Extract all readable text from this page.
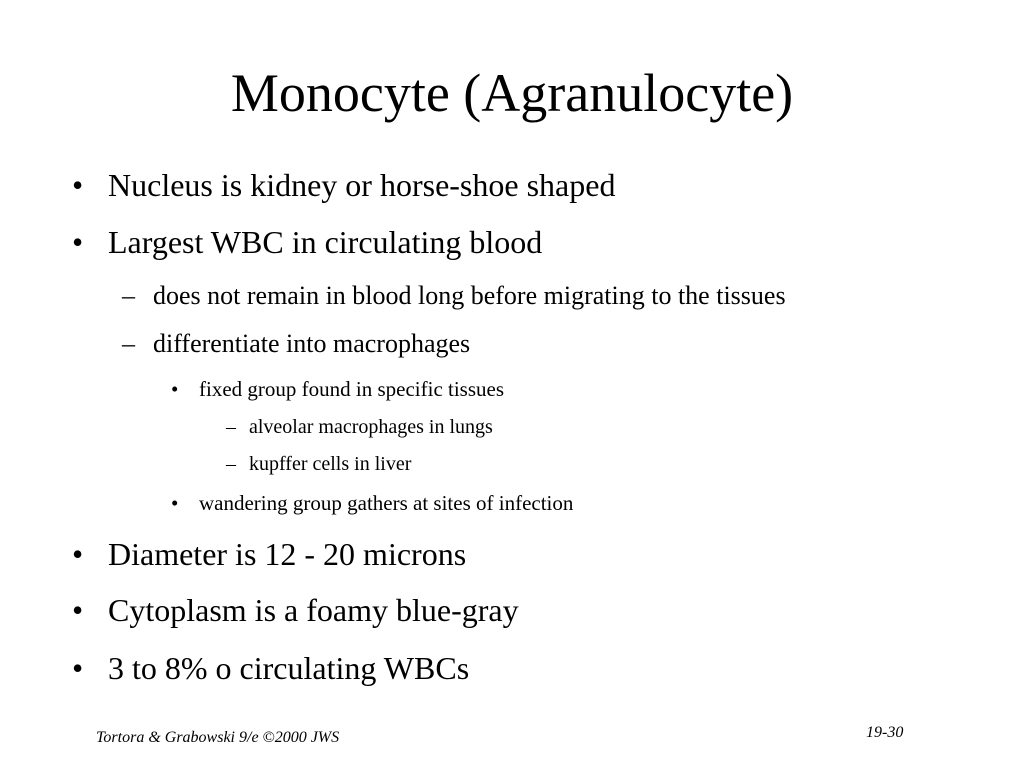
Monocyte (Agranulocyte)
• Nucleus is kidney or horse-shoe shaped
• Largest WBC in circulating blood
– does not remain in blood long before migrating to the tissues
– differentiate into macrophages
• fixed group found in specific tissues
– alveolar macrophages in lungs
– kupffer cells in liver
• wandering group gathers at sites of infection
• Diameter is 12 - 20 microns
• Cytoplasm is a foamy blue-gray
• 3 to 8% o circulating WBCs
Tortora & Grabowski 9/e ©2000 JWS	19-30
